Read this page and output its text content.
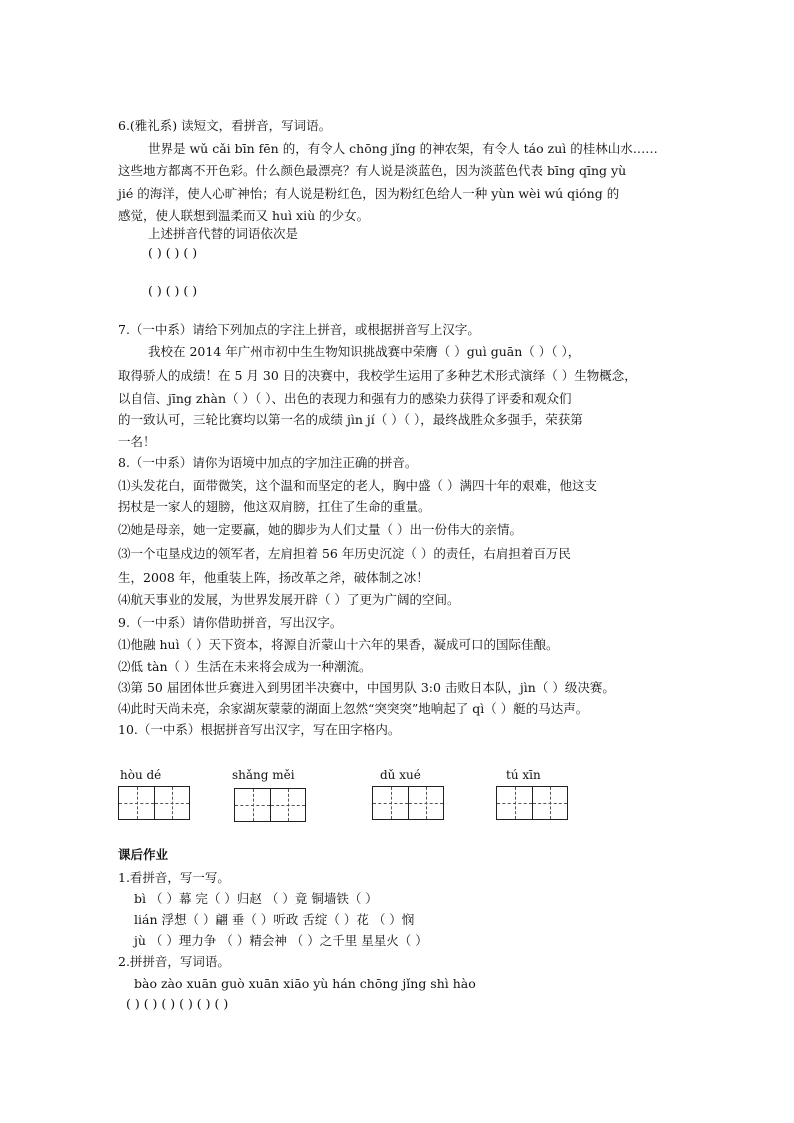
6.(雅礼系) 读短文，看拼音，写词语。
世界是 wǔ cǎi bīn fēn 的，有令人 chōng jǐng 的神农架，有令人 táo zuì 的桂林山水……
这些地方都离不开色彩。什么颜色最漂亮？有人说是淡蓝色，因为淡蓝色代表 bīng qīng yù
jié 的海洋，使人心旷神怡；有人说是粉红色，因为粉红色给人一种 yùn wèi wú qióng 的
感觉，使人联想到温柔而又 huì xiù 的少女。
上述拼音代替的词语依次是
( ) ( ) ( )
( ) ( ) ( )
7.（一中系）请给下列加点的字注上拼音，或根据拼音写上汉字。
我校在 2014 年广州市初中生生物知识挑战赛中荣膺（ ）guì guān（ ）（ ），
取得骄人的成绩！在 5 月 30 日的决赛中，我校学生运用了多种艺术形式演绎（ ）生物概念，
以自信、jīng zhàn（ ）（ ）、出色的表现力和强有力的感染力获得了评委和观众们
的一致认可，三轮比赛均以第一名的成绩 jìn jí（ ）（ ），最终战胜众多强手，荣获第
一名！
8.（一中系）请你为语境中加点的字加注正确的拼音。
⑴头发花白，面带微笑，这个温和而坚定的老人，胸中盛（ ）满四十年的艰难，他这支
拐杖是一家人的翅膀，他这双肩膀，扛住了生命的重量。
⑵她是母亲，她一定要赢，她的脚步为人们丈量（ ）出一份伟大的亲情。
⑶一个屯垦戍边的领军者，左肩担着 56 年历史沉淀（ ）的责任，右肩担着百万民
生，2008 年，他重装上阵，扬改革之斧，破体制之冰！
⑷航天事业的发展，为世界发展开辟（ ）了更为广阔的空间。
9.（一中系）请你借助拼音，写出汉字。
⑴他融 huì（ ）天下资本，将源自沂蒙山十六年的果香，凝成可口的国际佳酿。
⑵低 tàn（ ）生活在未来将会成为一种潮流。
⑶第 50 届团体世乒赛进入到男团半决赛中，中国男队 3:0 击败日本队，jìn（ ）级决赛。
⑷此时天尚未亮，余家湖灰蒙蒙的湖面上忽然“突突突”地响起了 qì（ ）艇的马达声。
10.（一中系）根据拼音写出汉字，写在田字格内。
hòu dé	shǎng měi	dǔ xué	tú xīn
课后作业
1.看拼音，写一写。
bì （ ）幕 完（ ）归赵 （ ）竟 铜墙铁（ ）
lián 浮想（ ）翩 垂（ ）听政 舌绽（ ）花 （ ）悯
jù （ ）理力争 （ ）精会神 （ ）之千里 星星火（ ）
2.拼拼音，写词语。
bào zào xuān guò xuān xiāo yù hán chōng jǐng shì hào
( ) ( ) ( ) ( ) ( ) ( )
